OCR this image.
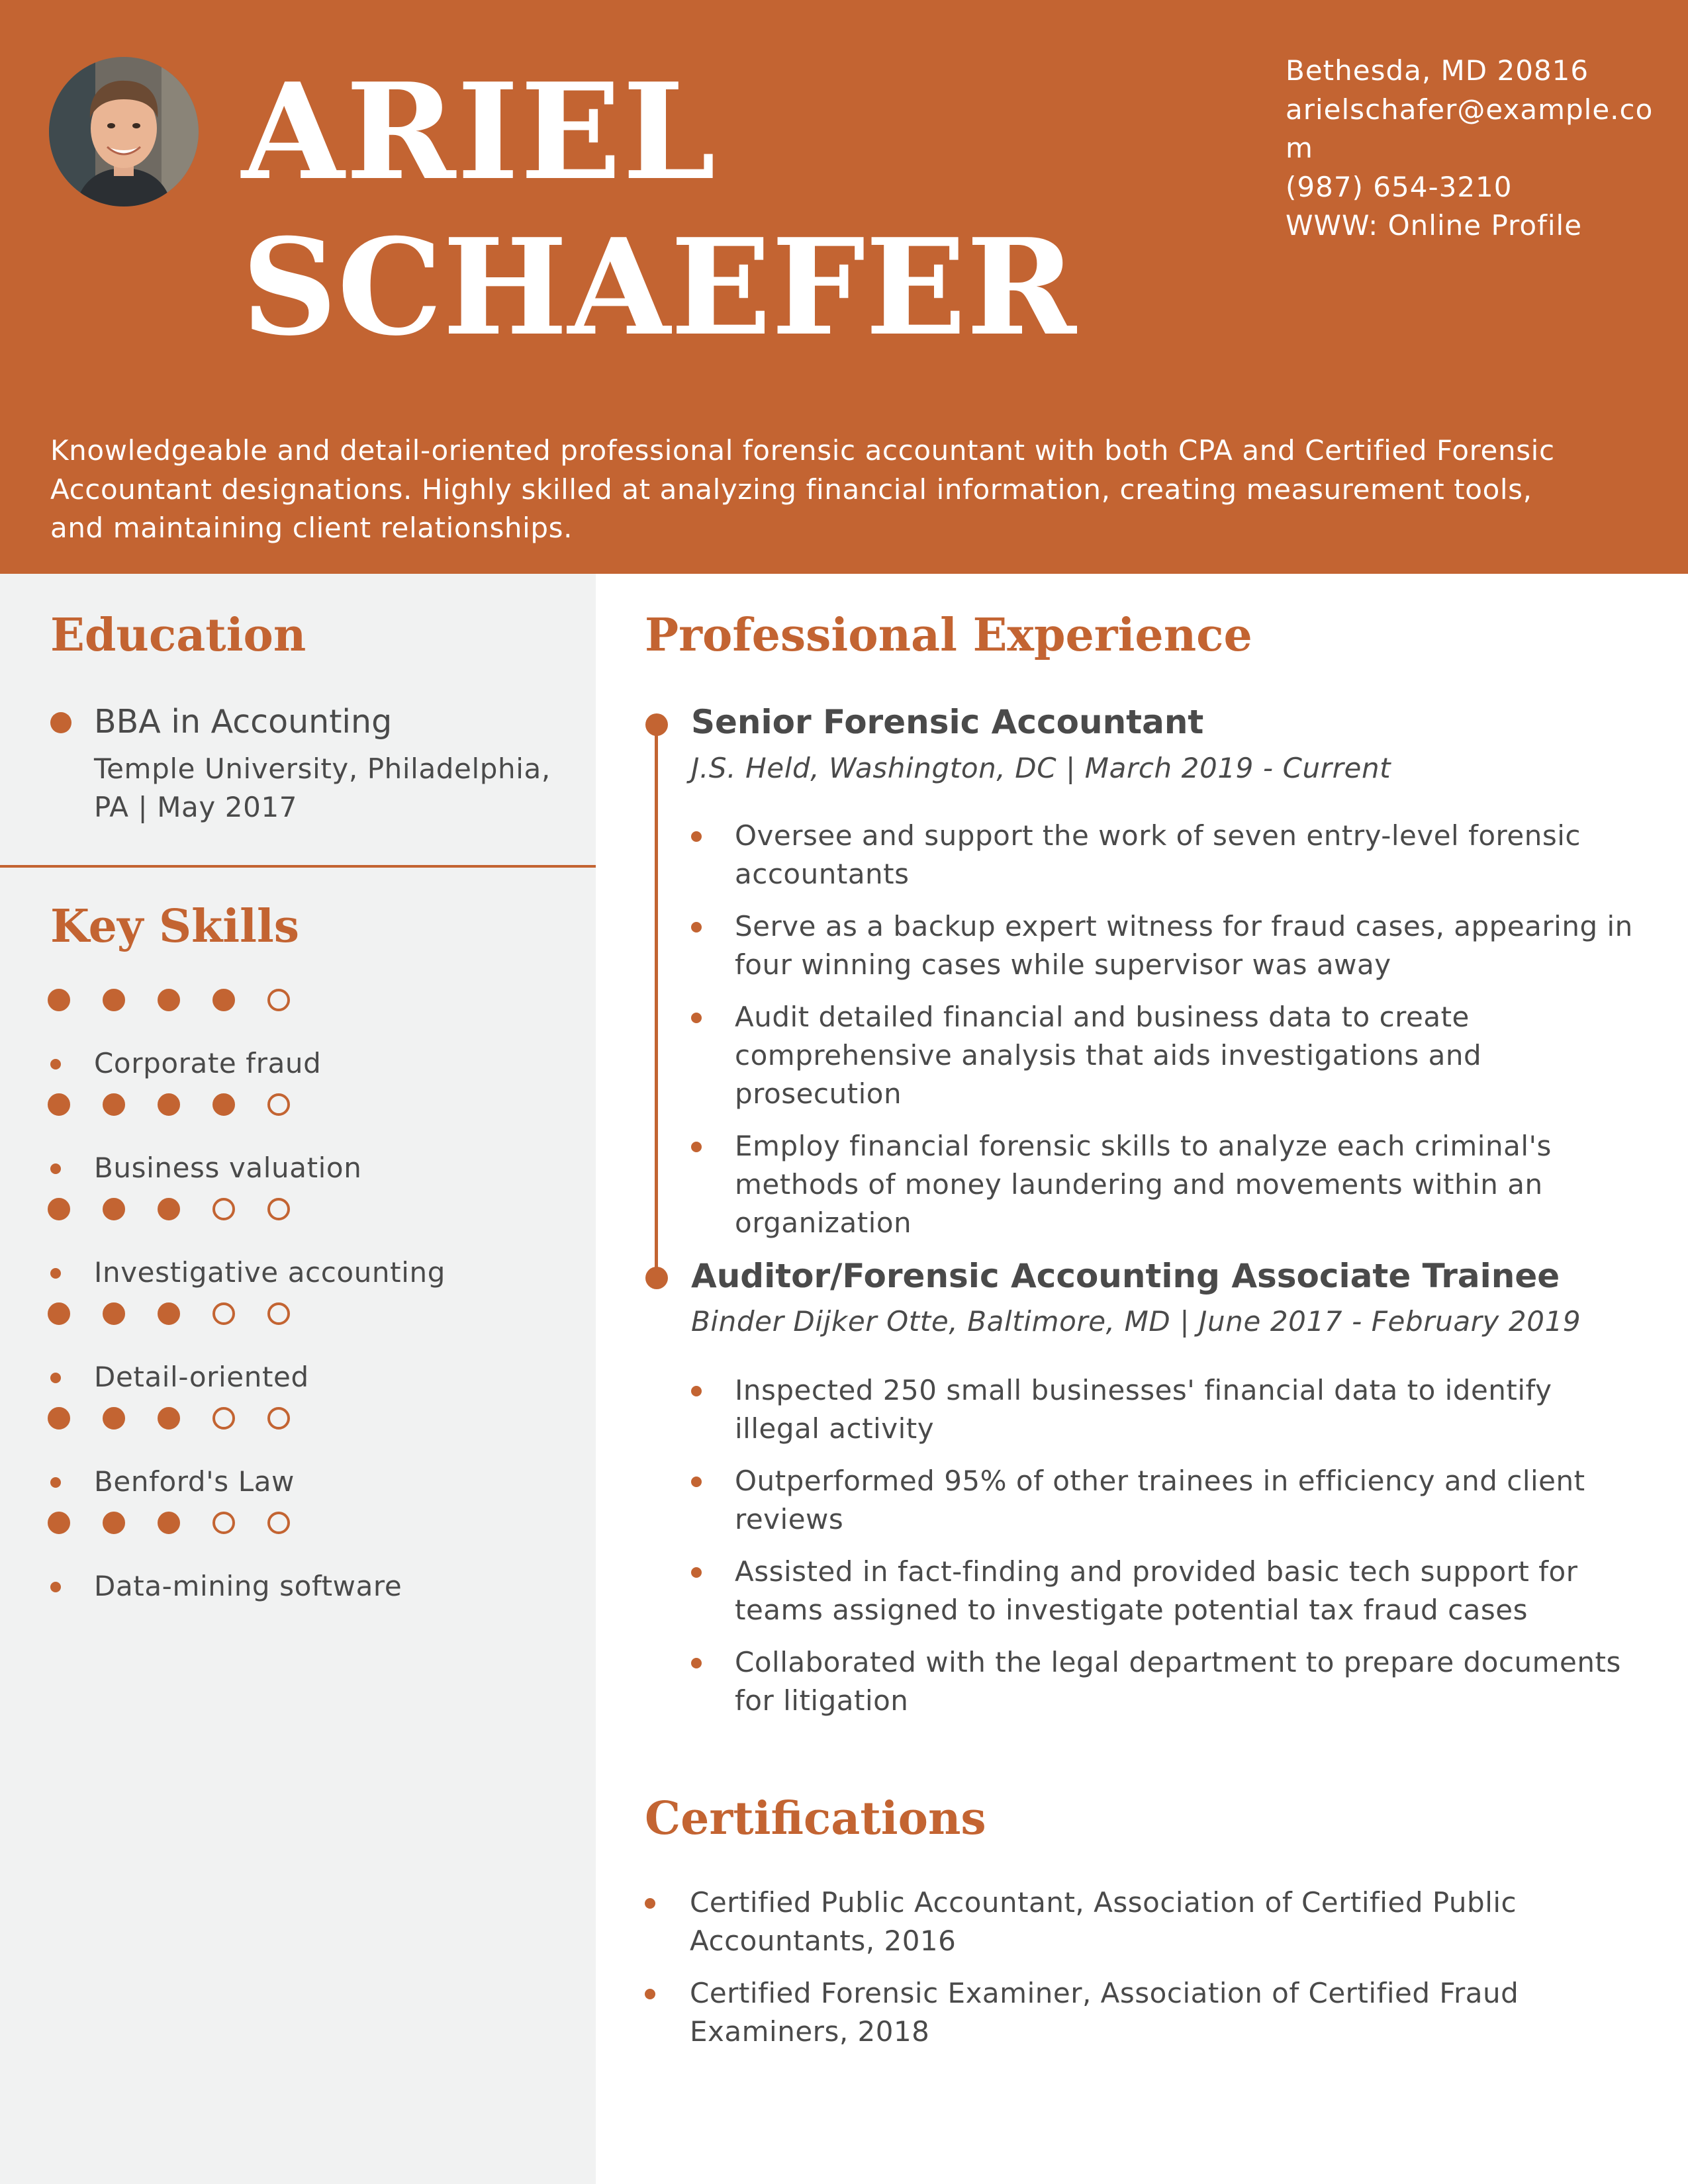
ARIEL
SCHAEFER
Bethesda, MD 20816
arielschafer@example.com
(987) 654-3210
WWW: Online Profile
Knowledgeable and detail-oriented professional forensic accountant with both CPA and Certified Forensic Accountant designations. Highly skilled at analyzing financial information, creating measurement tools, and maintaining client relationships.
Education
BBA in Accounting
Temple University, Philadelphia, PA | May 2017
Key Skills
Corporate fraud
Business valuation
Investigative accounting
Detail-oriented
Benford's Law
Data-mining software
Professional Experience
Senior Forensic Accountant
J.S. Held, Washington, DC | March 2019 - Current
Oversee and support the work of seven entry-level forensic accountants
Serve as a backup expert witness for fraud cases, appearing in four winning cases while supervisor was away
Audit detailed financial and business data to create comprehensive analysis that aids investigations and prosecution
Employ financial forensic skills to analyze each criminal's methods of money laundering and movements within an organization
Auditor/Forensic Accounting Associate Trainee
Binder Dijker Otte, Baltimore, MD | June 2017 - February 2019
Inspected 250 small businesses' financial data to identify illegal activity
Outperformed 95% of other trainees in efficiency and client reviews
Assisted in fact-finding and provided basic tech support for teams assigned to investigate potential tax fraud cases
Collaborated with the legal department to prepare documents for litigation
Certifications
Certified Public Accountant, Association of Certified Public Accountants, 2016
Certified Forensic Examiner, Association of Certified Fraud Examiners, 2018
